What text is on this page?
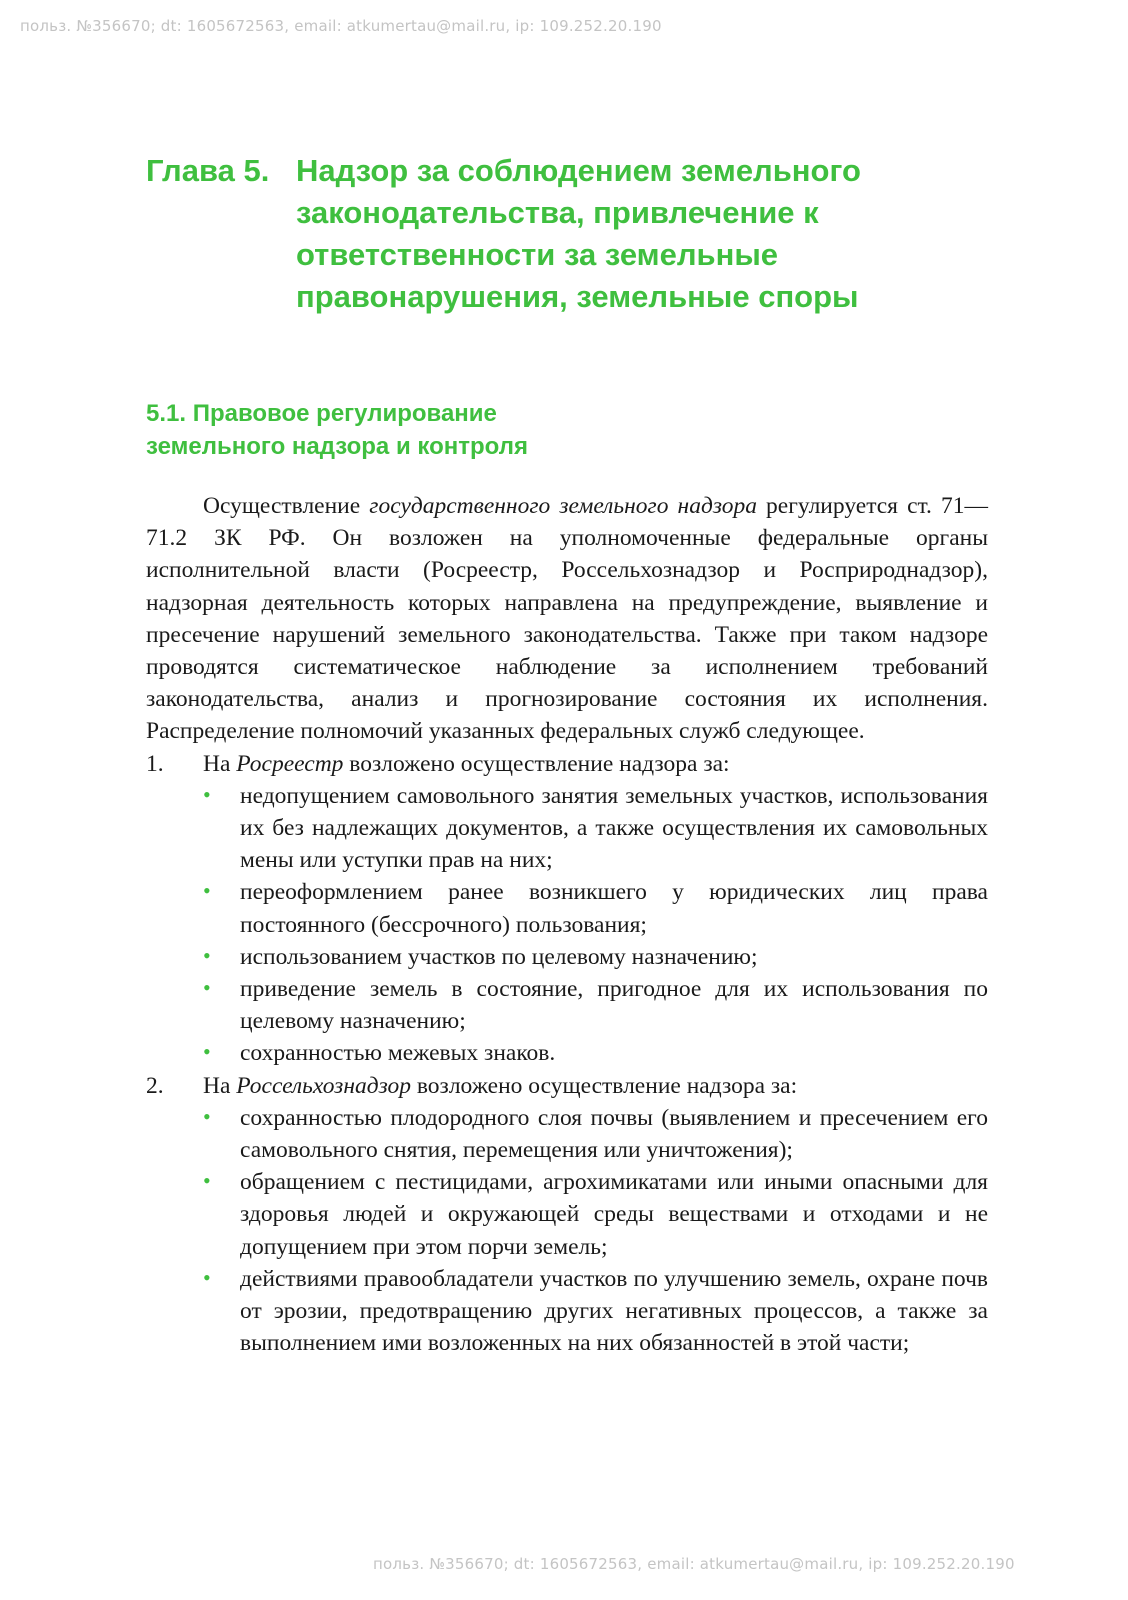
польз. №356670; dt: 1605672563, email: atkumertau@mail.ru, ip: 109.252.20.190
Глава 5. Надзор за соблюдением земельного законодательства, привлечение к ответственности за земельные правонарушения, земельные споры
5.1. Правовое регулирование
земельного надзора и контроля

Осуществление государственного земельного надзора регулируется ст. 71—71.2 ЗК РФ. Он возложен на уполномоченные федеральные органы исполнительной власти (Росреестр, Россельхознадзор и Росприроднадзор), надзорная деятельность которых направлена на предупреждение, выявление и пресечение нарушений земельного законодательства. Также при таком надзоре проводятся систематическое наблюдение за исполнением требований законодательства, анализ и прогнозирование состояния их исполнения. Распределение полномочий указанных федеральных служб следующее.

1.	На Росреестр возложено осуществление надзора за:
•	недопущением самовольного занятия земельных участков, использования их без надлежащих документов, а также осуществления их самовольных мены или уступки прав на них;
•	переоформлением ранее возникшего у юридических лиц права постоянного (бессрочного) пользования;
•	использованием участков по целевому назначению;
•	приведение земель в состояние, пригодное для их использования по целевому назначению;
•	сохранностью межевых знаков.
2.	На Россельхознадзор возложено осуществление надзора за:
•	сохранностью плодородного слоя почвы (выявлением и пресечением его самовольного снятия, перемещения или уничтожения);
•	обращением с пестицидами, агрохимикатами или иными опасными для здоровья людей и окружающей среды веществами и отходами и не допущением при этом порчи земель;
•	действиями правообладатели участков по улучшению земель, охране почв от эрозии, предотвращению других негативных процессов, а также за выполнением ими возложенных на них обязанностей в этой части;
польз. №356670; dt: 1605672563, email: atkumertau@mail.ru, ip: 109.252.20.190
